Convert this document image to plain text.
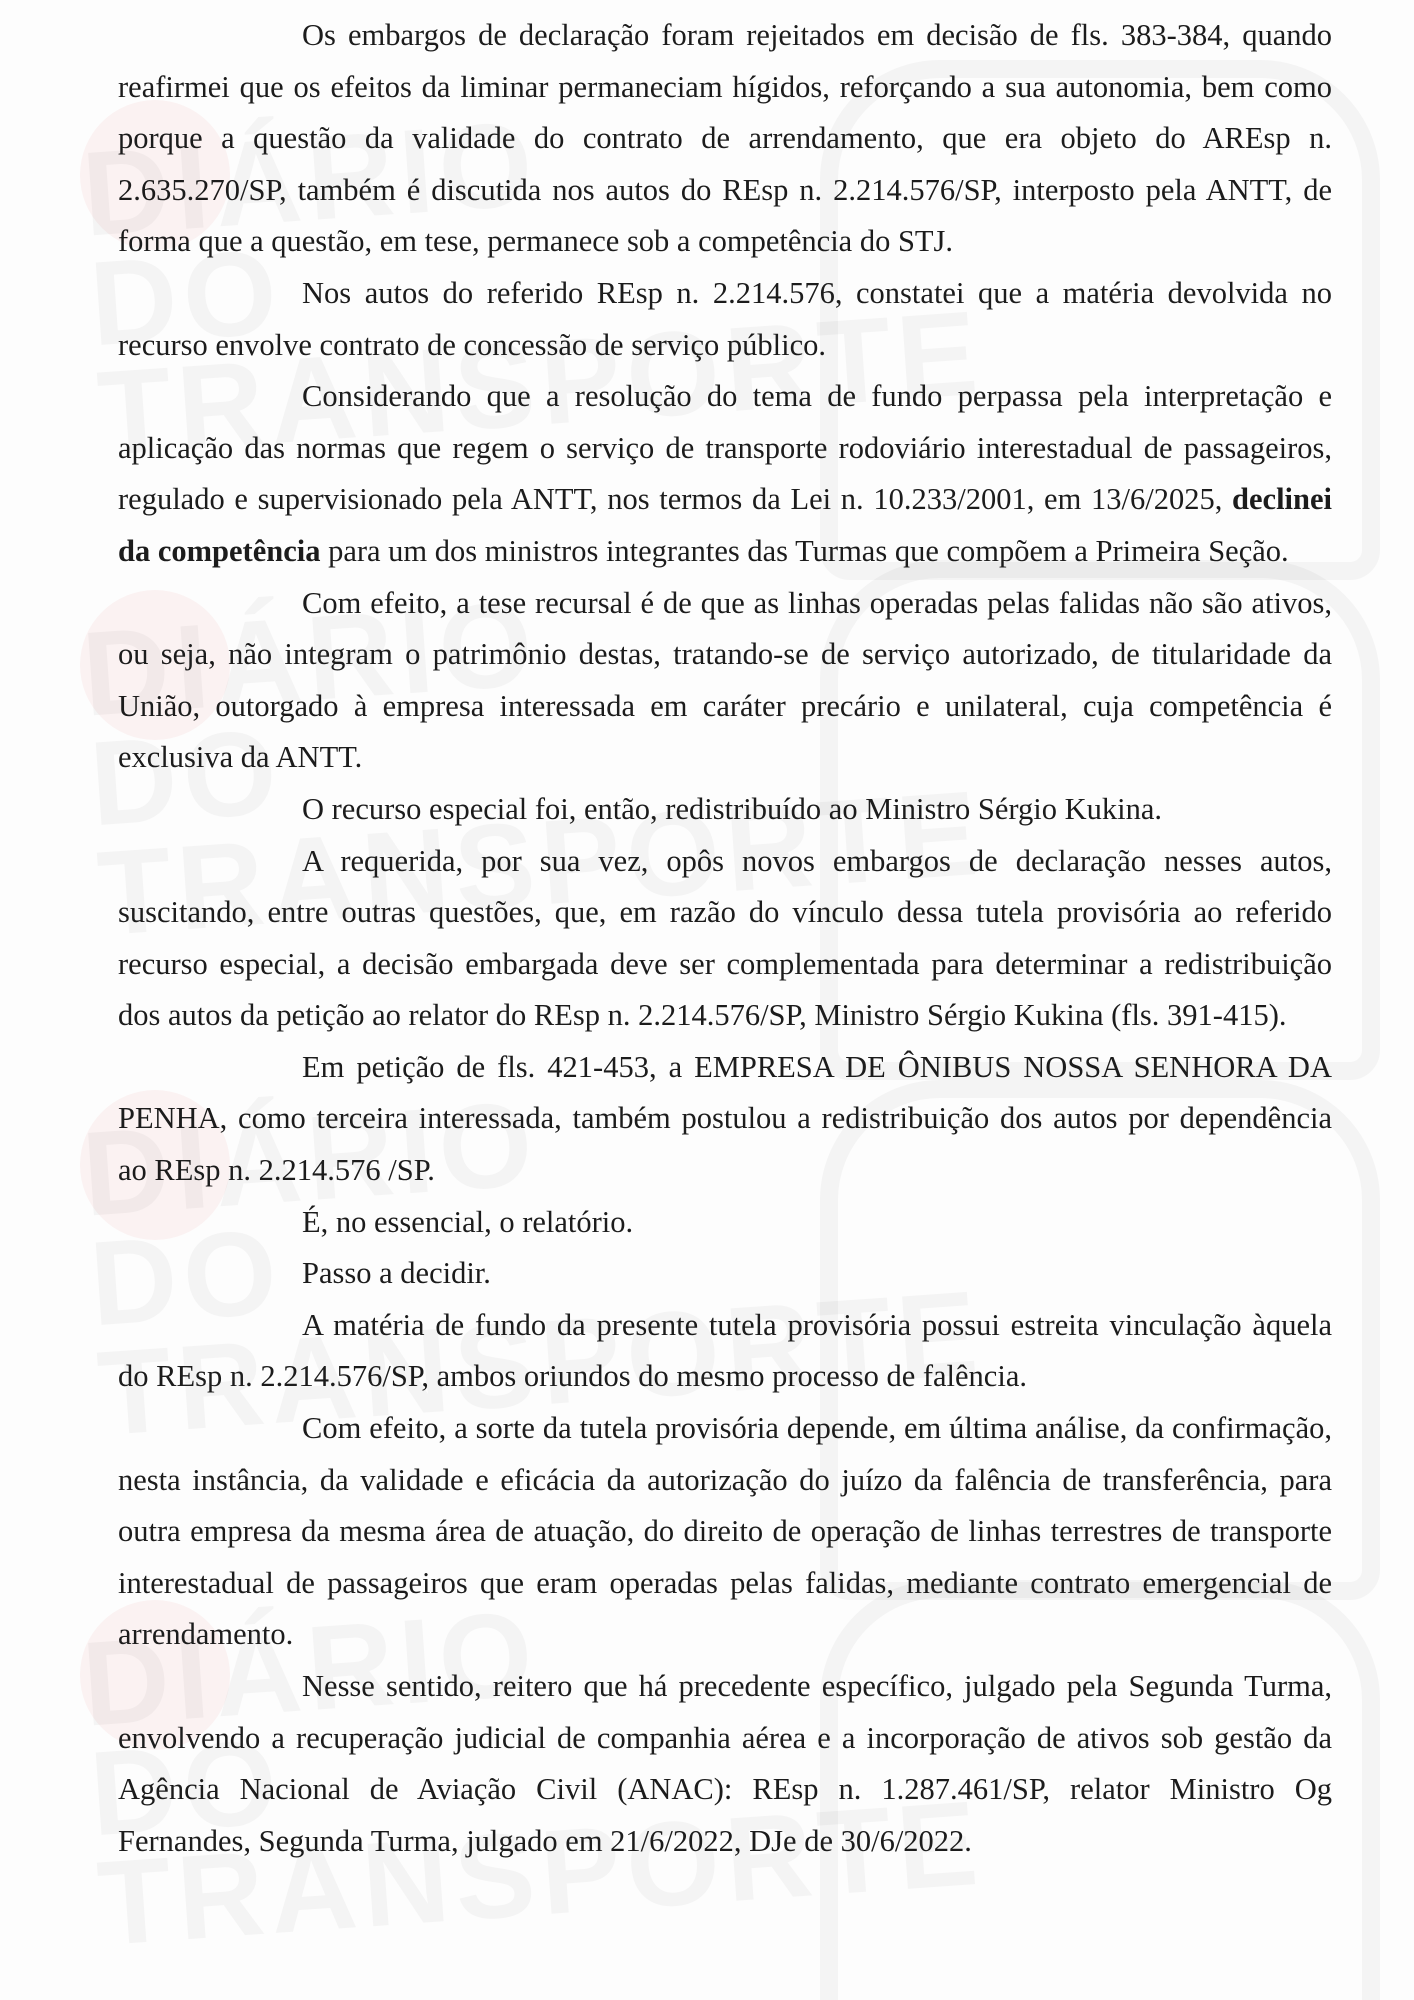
Os embargos de declaração foram rejeitados em decisão de fls. 383-384, quando reafirmei que os efeitos da liminar permaneciam hígidos, reforçando a sua autonomia, bem como porque a questão da validade do contrato de arrendamento, que era objeto do AREsp n. 2.635.270/SP, também é discutida nos autos do REsp n. 2.214.576/SP, interposto pela ANTT, de forma que a questão, em tese, permanece sob a competência do STJ.

Nos autos do referido REsp n. 2.214.576, constatei que a matéria devolvida no recurso envolve contrato de concessão de serviço público.

Considerando que a resolução do tema de fundo perpassa pela interpretação e aplicação das normas que regem o serviço de transporte rodoviário interestadual de passageiros, regulado e supervisionado pela ANTT, nos termos da Lei n. 10.233/2001, em 13/6/2025, declinei da competência para um dos ministros integrantes das Turmas que compõem a Primeira Seção.

Com efeito, a tese recursal é de que as linhas operadas pelas falidas não são ativos, ou seja, não integram o patrimônio destas, tratando-se de serviço autorizado, de titularidade da União, outorgado à empresa interessada em caráter precário e unilateral, cuja competência é exclusiva da ANTT.

O recurso especial foi, então, redistribuído ao Ministro Sérgio Kukina.

A requerida, por sua vez, opôs novos embargos de declaração nesses autos, suscitando, entre outras questões, que, em razão do vínculo dessa tutela provisória ao referido recurso especial, a decisão embargada deve ser complementada para determinar a redistribuição dos autos da petição ao relator do REsp n. 2.214.576/SP, Ministro Sérgio Kukina (fls. 391-415).

Em petição de fls. 421-453, a EMPRESA DE ÔNIBUS NOSSA SENHORA DA PENHA, como terceira interessada, também postulou a redistribuição dos autos por dependência ao REsp n. 2.214.576 /SP.

É, no essencial, o relatório.

Passo a decidir.

A matéria de fundo da presente tutela provisória possui estreita vinculação àquela do REsp n. 2.214.576/SP, ambos oriundos do mesmo processo de falência.

Com efeito, a sorte da tutela provisória depende, em última análise, da confirmação, nesta instância, da validade e eficácia da autorização do juízo da falência de transferência, para outra empresa da mesma área de atuação, do direito de operação de linhas terrestres de transporte interestadual de passageiros que eram operadas pelas falidas, mediante contrato emergencial de arrendamento.

Nesse sentido, reitero que há precedente específico, julgado pela Segunda Turma, envolvendo a recuperação judicial de companhia aérea e a incorporação de ativos sob gestão da Agência Nacional de Aviação Civil (ANAC): REsp n. 1.287.461/SP, relator Ministro Og Fernandes, Segunda Turma, julgado em 21/6/2022, DJe de 30/6/2022.
